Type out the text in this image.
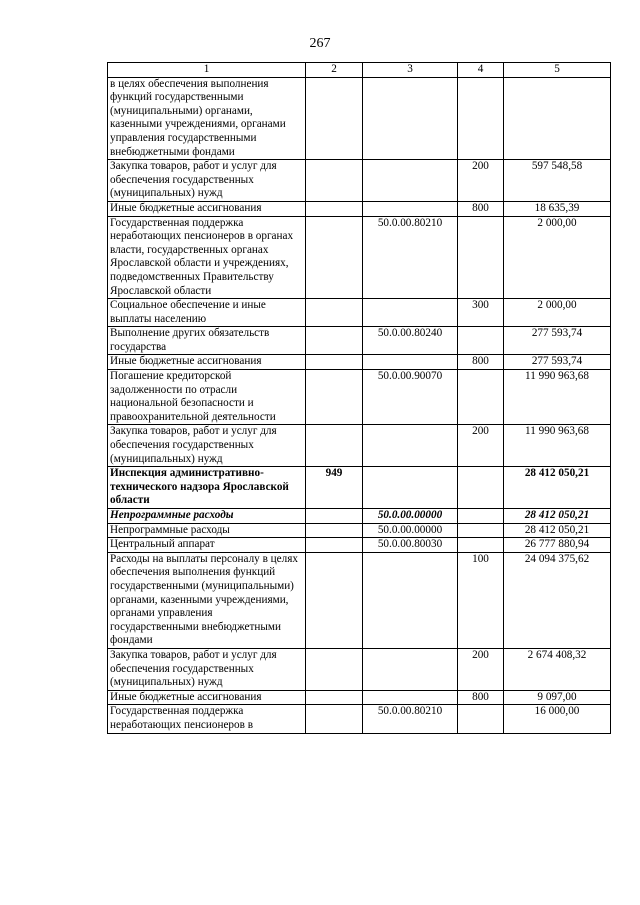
267
1	2	3	4	5
в целях обеспечения выполнения функций государственными (муниципальными) органами, казенными учреждениями, органами управления государственными внебюджетными фондами				
Закупка товаров, работ и услуг для обеспечения государственных (муниципальных) нужд			200	597 548,58
Иные бюджетные ассигнования			800	18 635,39
Государственная поддержка неработающих пенсионеров в органах власти, государственных органах Ярославской области и учреждениях, подведомственных Правительству Ярославской области		50.0.00.80210		2 000,00
Социальное обеспечение и иные выплаты населению			300	2 000,00
Выполнение других обязательств государства		50.0.00.80240		277 593,74
Иные бюджетные ассигнования			800	277 593,74
Погашение кредиторской задолженности по отрасли национальной безопасности и правоохранительной деятельности		50.0.00.90070		11 990 963,68
Закупка товаров, работ и услуг для обеспечения государственных (муниципальных) нужд			200	11 990 963,68
Инспекция административно-технического надзора Ярославской области	949			28 412 050,21
Непрограммные расходы		50.0.00.00000		28 412 050,21
Непрограммные расходы		50.0.00.00000		28 412 050,21
Центральный аппарат		50.0.00.80030		26 777 880,94
Расходы на выплаты персоналу в целях обеспечения выполнения функций государственными (муниципальными) органами, казенными учреждениями, органами управления государственными внебюджетными фондами			100	24 094 375,62
Закупка товаров, работ и услуг для обеспечения государственных (муниципальных) нужд			200	2 674 408,32
Иные бюджетные ассигнования			800	9 097,00
Государственная поддержка неработающих пенсионеров в		50.0.00.80210		16 000,00
